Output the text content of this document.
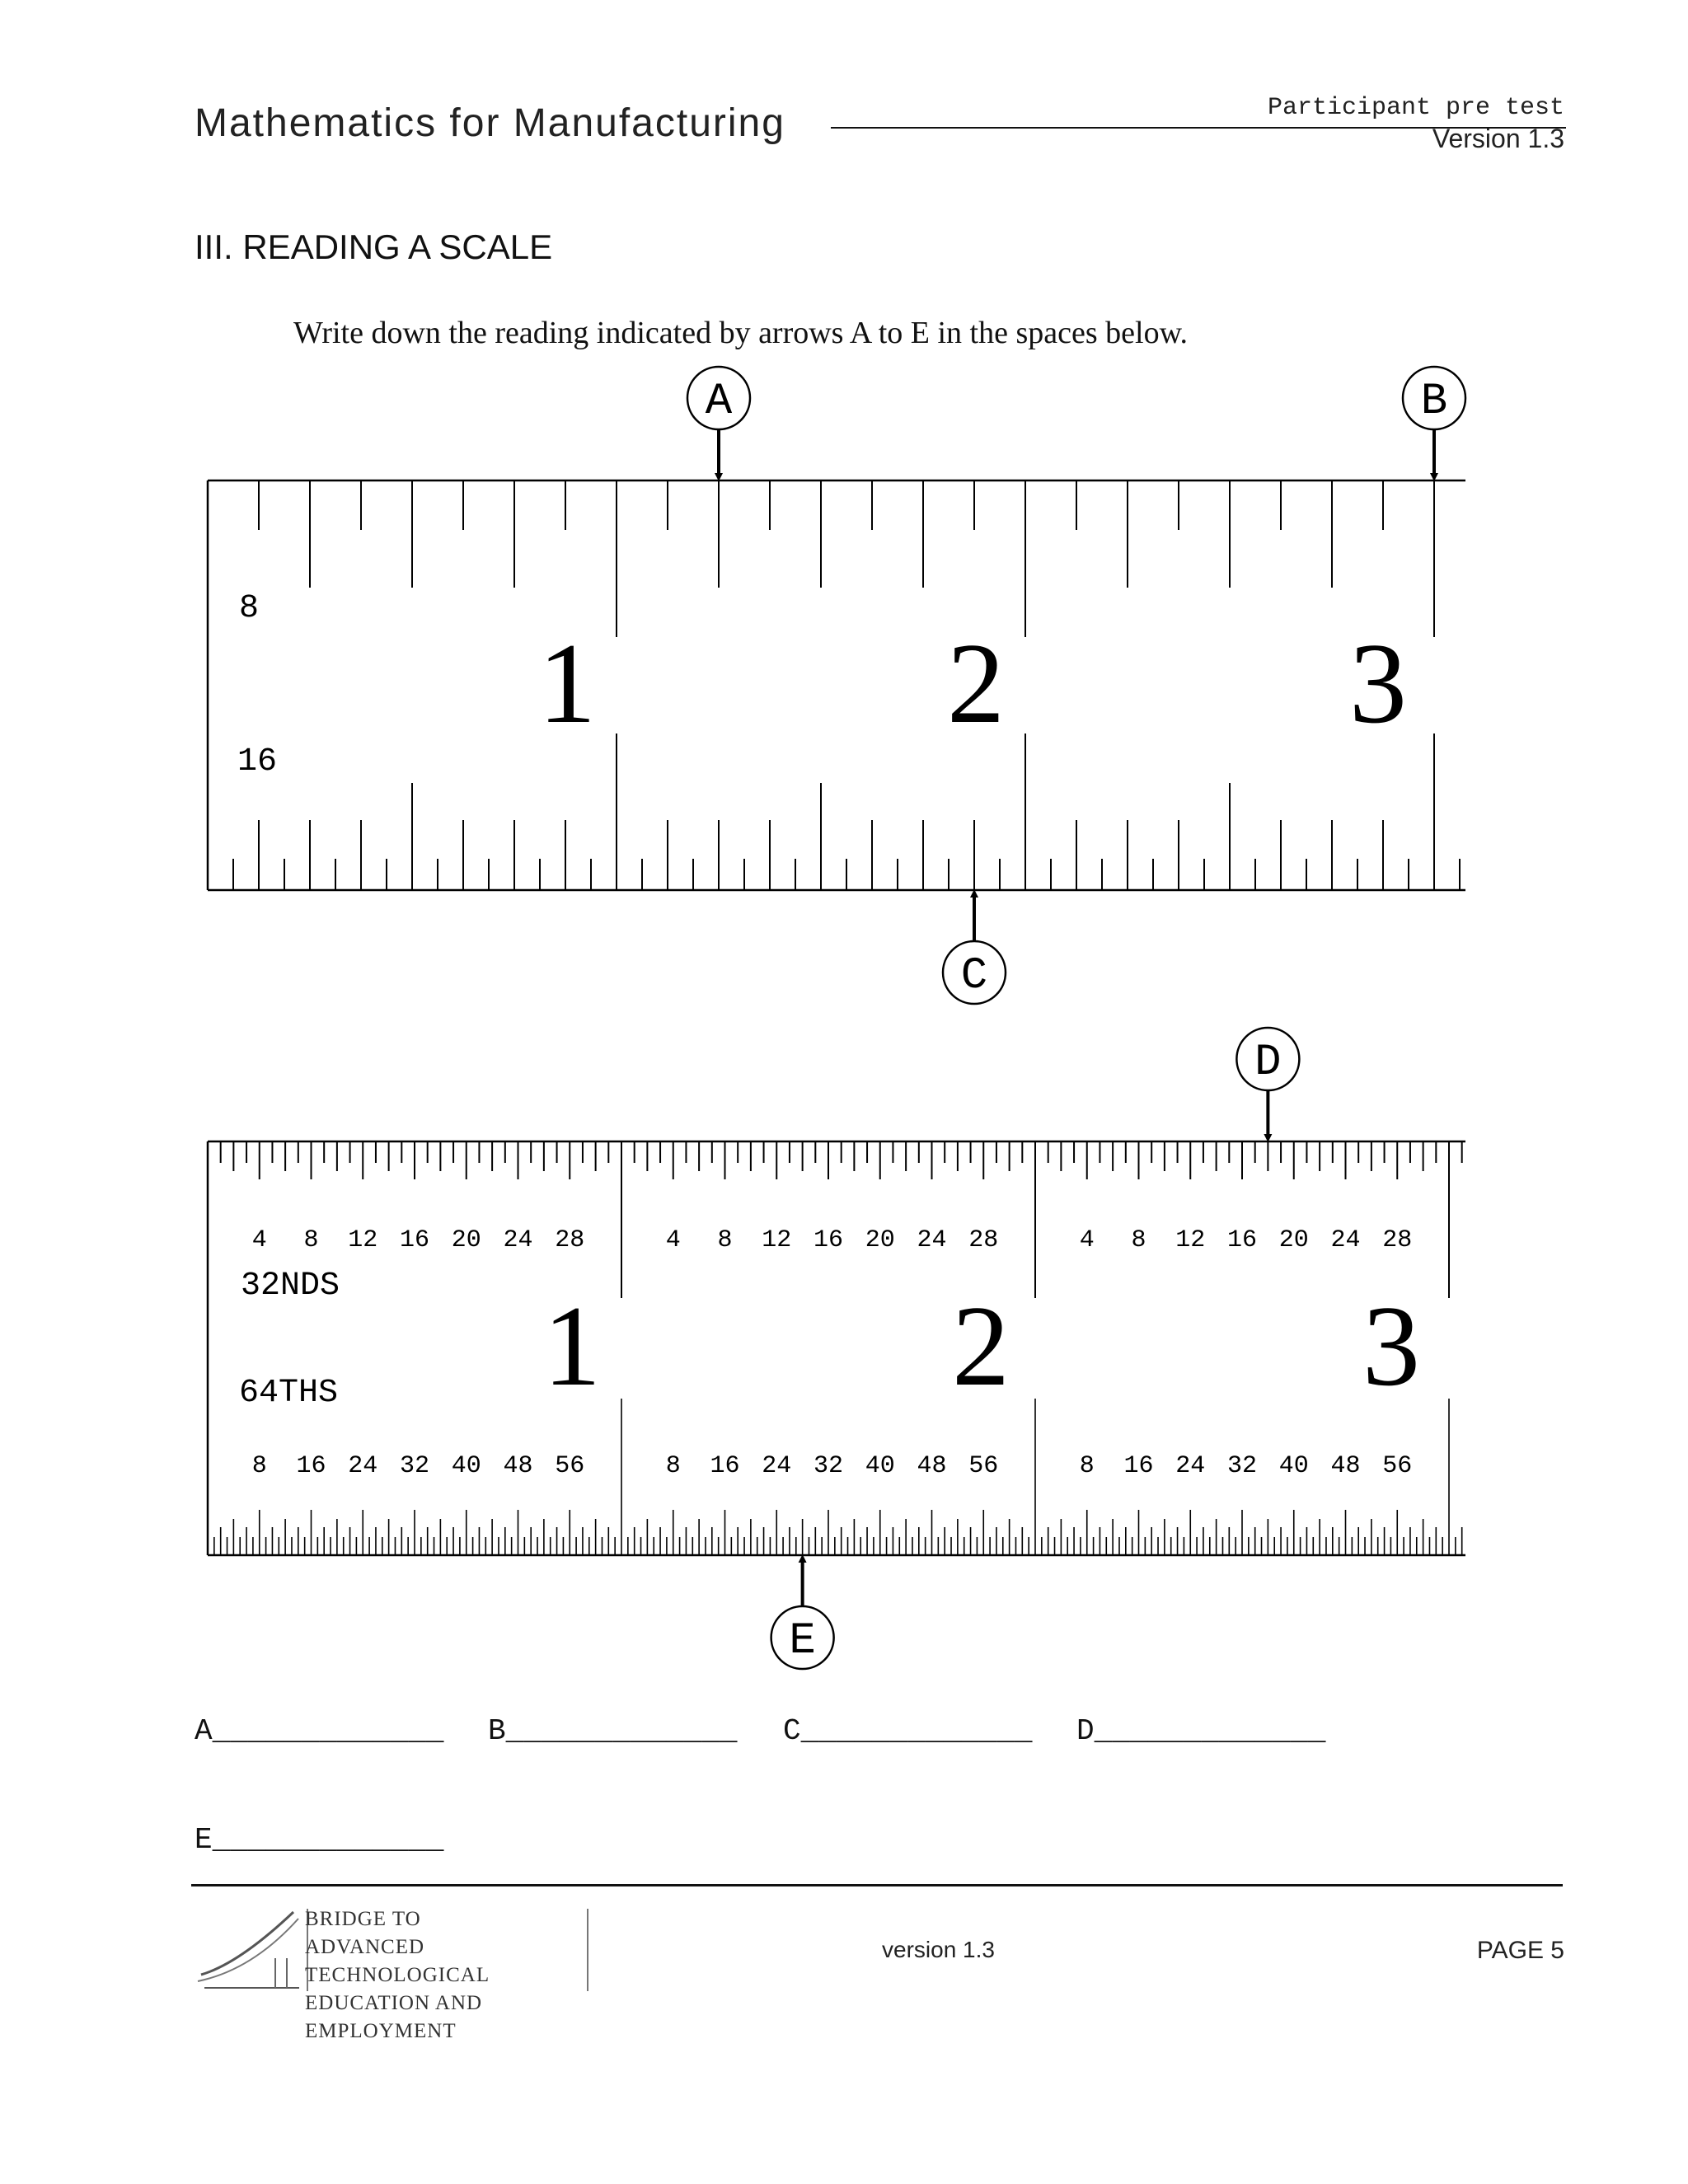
Mathematics for Manufacturing	Participant pre test
Version 1.3
III. READING A SCALE
Write down the reading indicated by arrows A to E in the spaces below.
8
16
1	2	3
4 8 12 16 20 24 28	4 8 12 16 20 24 28	4 8 12 16 20 24 28
8 16 24 32 40 48 56	8 16 24 32 40 48 56	8 16 24 32 40 48 56
32NDS
64THS 1	2	3
A	B
C
D
E
A_____________ B_____________ C_____________ D_____________
E_____________
BRIDGE TO
ADVANCED TECHNOLOGICAL
EDUCATION AND EMPLOYMENT
version 1.3	PAGE 5
